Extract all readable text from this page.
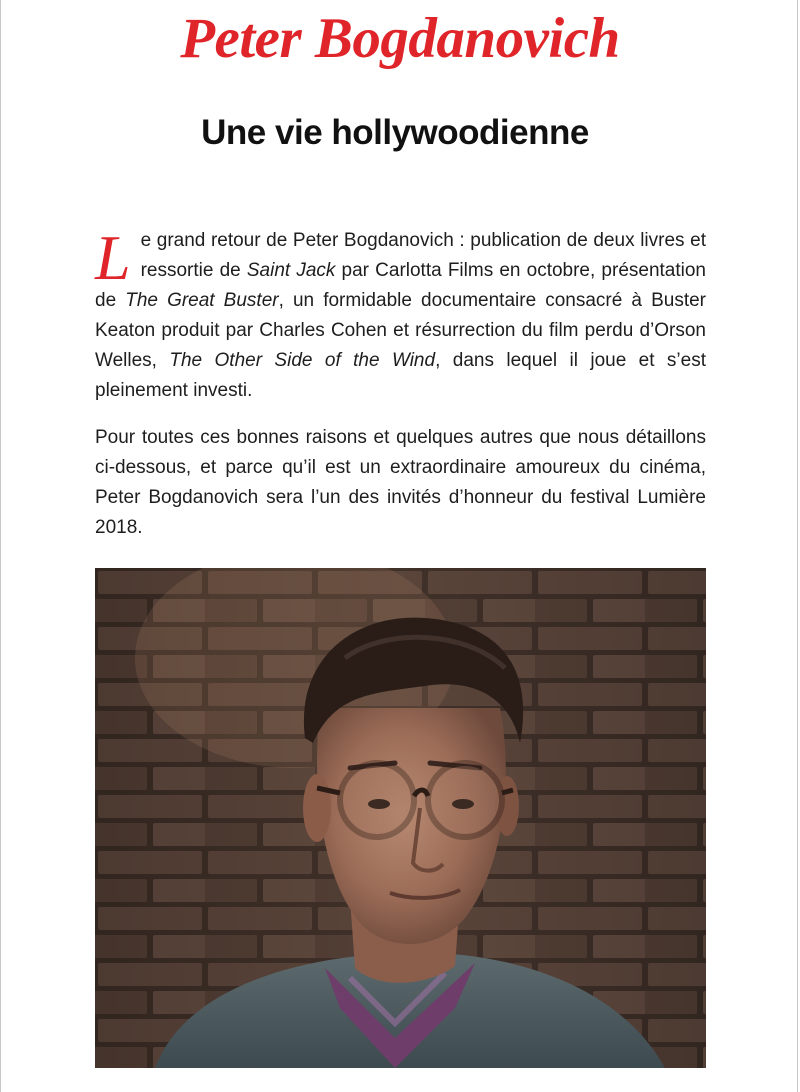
Peter Bogdanovich
Une vie hollywoodienne

Le grand retour de Peter Bogdanovich : publication de deux livres et ressortie de Saint Jack par Carlotta Films en octobre, présentation de The Great Buster, un formidable documentaire consacré à Buster Keaton produit par Charles Cohen et résurrection du film perdu d’Orson Welles, The Other Side of the Wind, dans lequel il joue et s’est pleinement investi.

Pour toutes ces bonnes raisons et quelques autres que nous détaillons ci-dessous, et parce qu’il est un extraordinaire amoureux du cinéma, Peter Bogdanovich sera l’un des invités d’honneur du festival Lumière 2018.
